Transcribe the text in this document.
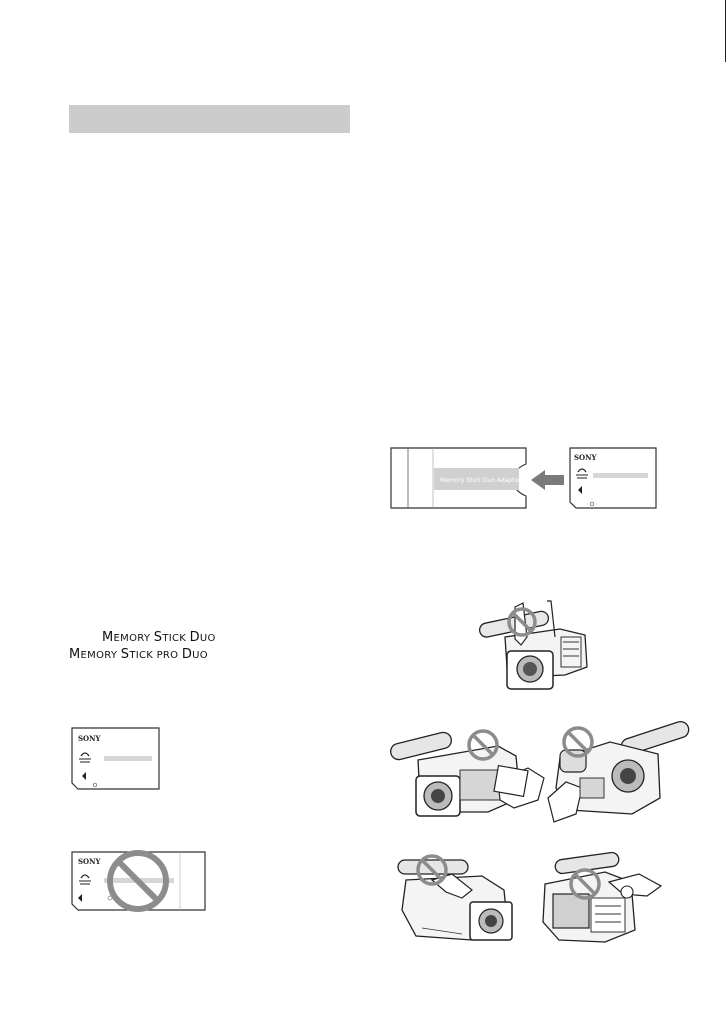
MEMORY STICK DUO
MEMORY STICK PRO DUO
Memory Stick Duo Adaptor
SONY
SONY
SONY
